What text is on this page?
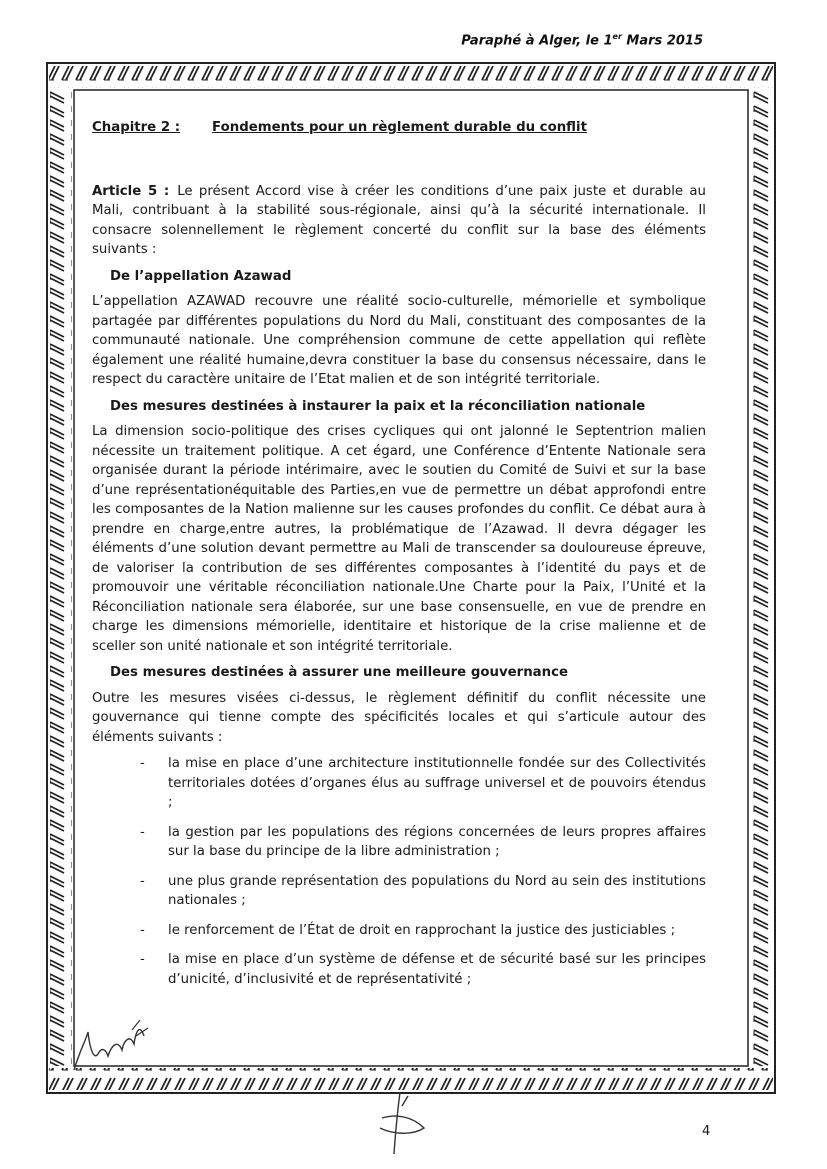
Paraphé à Alger, le 1er Mars 2015
Chapitre 2 : Fondements pour un règlement durable du conflit

Article 5 : Le présent Accord vise à créer les conditions d’une paix juste et durable au Mali, contribuant à la stabilité sous-régionale, ainsi qu’à la sécurité internationale. Il consacre solennellement le règlement concerté du conflit sur la base des éléments suivants :

De l’appellation Azawad

L’appellation AZAWAD recouvre une réalité socio-culturelle, mémorielle et symbolique partagée par différentes populations du Nord du Mali, constituant des composantes de la communauté nationale. Une compréhension commune de cette appellation qui reflète également une réalité humaine,devra constituer la base du consensus nécessaire, dans le respect du caractère unitaire de l’Etat malien et de son intégrité territoriale.

Des mesures destinées à instaurer la paix et la réconciliation nationale

La dimension socio-politique des crises cycliques qui ont jalonné le Septentrion malien nécessite un traitement politique. A cet égard, une Conférence d’Entente Nationale sera organisée durant la période intérimaire, avec le soutien du Comité de Suivi et sur la base d’une représentationéquitable des Parties,en vue de permettre un débat approfondi entre les composantes de la Nation malienne sur les causes profondes du conflit. Ce débat aura à prendre en charge,entre autres, la problématique de l’Azawad. Il devra dégager les éléments d’une solution devant permettre au Mali de transcender sa douloureuse épreuve, de valoriser la contribution de ses différentes composantes à l’identité du pays et de promouvoir une véritable réconciliation nationale.Une Charte pour la Paix, l’Unité et la Réconciliation nationale sera élaborée, sur une base consensuelle, en vue de prendre en charge les dimensions mémorielle, identitaire et historique de la crise malienne et de sceller son unité nationale et son intégrité territoriale.

Des mesures destinées à assurer une meilleure gouvernance

Outre les mesures visées ci-dessus, le règlement définitif du conflit nécessite une gouvernance qui tienne compte des spécificités locales et qui s’articule autour des éléments suivants :

- la mise en place d’une architecture institutionnelle fondée sur des Collectivités territoriales dotées d’organes élus au suffrage universel et de pouvoirs étendus ;
- la gestion par les populations des régions concernées de leurs propres affaires sur la base du principe de la libre administration ;
- une plus grande représentation des populations du Nord au sein des institutions nationales ;
- le renforcement de l’État de droit en rapprochant la justice des justiciables ;
- la mise en place d’un système de défense et de sécurité basé sur les principes d’unicité, d’inclusivité et de représentativité ;
4
